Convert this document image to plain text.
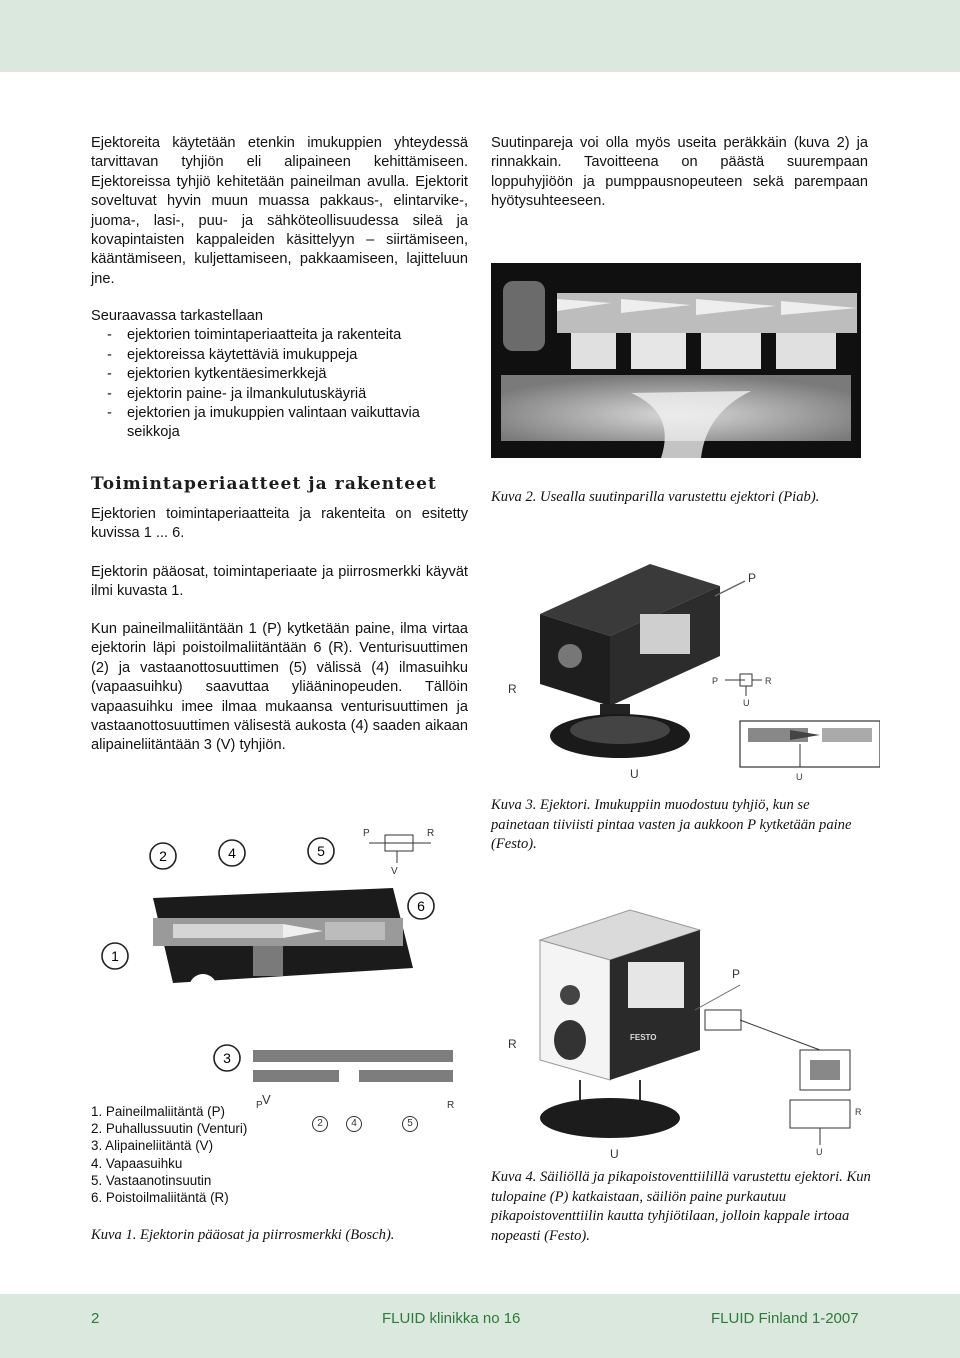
Ejektoreita käytetään etenkin imukuppien yhteydessä tarvittavan tyhjiön eli alipaineen kehittämiseen. Ejektoreissa tyhjiö kehitetään paineilman avulla. Ejektorit soveltuvat hyvin muun muassa pakkaus-, elintarvike-, juoma-, lasi-, puu- ja sähköteollisuudessa sileä ja kovapintaisten kappaleiden käsittelyyn – siirtämiseen, kääntämiseen, kuljettamiseen, pakkaamiseen, lajitteluun jne.
Seuraavassa tarkastellaan
- ejektorien toimintaperiaatteita ja rakenteita
- ejektoreissa käytettäviä imukuppeja
- ejektorien kytkentäesimerkkejä
- ejektorin paine- ja ilmankulutuskäyriä
- ejektorien ja imukuppien valintaan vaikuttavia seikkoja
Toimintaperiaatteet ja rakenteet
Ejektorien toimintaperiaatteita ja rakenteita on esitetty kuvissa 1 ... 6.
Ejektorin pääosat, toimintaperiaate ja piirrosmerkki käyvät ilmi kuvasta 1.
Kun paineilmaliitäntään 1 (P) kytketään paine, ilma virtaa ejektorin läpi poistoilmaliitäntään 6 (R). Venturisuuttimen (2) ja vastaanottosuuttimen (5) välissä (4) ilmasuihku (vapaasuihku) saavuttaa yliääninopeuden. Tällöin vapaasuihku imee ilmaa mukaansa venturisuuttimen ja vastaanottosuuttimen välisestä aukosta (4) saaden aikaan alipaineliitäntään 3 (V) tyhjiön.
Suutinpareja voi olla myös useita peräkkäin (kuva 2) ja rinnakkain. Tavoitteena on päästä suurempaan loppuhyjiöön ja pumppausnopeuteen sekä parempaan hyötysuhteeseen.
Kuva 2. Usealla suutinparilla varustettu ejektori (Piab).
P
R
U
P	R
U
U
Kuva 3. Ejektori. Imukuppiin muodostuu tyhjiö, kun se painetaan tiiviisti pintaa vasten ja aukkoon P kytketään paine (Festo).
2	4	5
6
1
3
P	R
V
P	R
V
2	4	5
1. Paineilmaliitäntä (P)
2. Puhallussuutin (Venturi)
3. Alipaineliitäntä (V)
4. Vapaasuihku
5. Vastaanotinsuutin
6. Poistoilmaliitäntä (R)
Kuva 1. Ejektorin pääosat ja piirrosmerkki (Bosch).
FESTO
P
R
U
R
U
Kuva 4. Säiliöllä ja pikapoistoventtiilillä varustettu ejektori. Kun tulopaine (P) katkaistaan, säiliön paine purkautuu pikapoistoventtiilin kautta tyhjiötilaan, jolloin kappale irtoaa nopeasti (Festo).
2	FLUID klinikka no 16	FLUID Finland 1-2007
